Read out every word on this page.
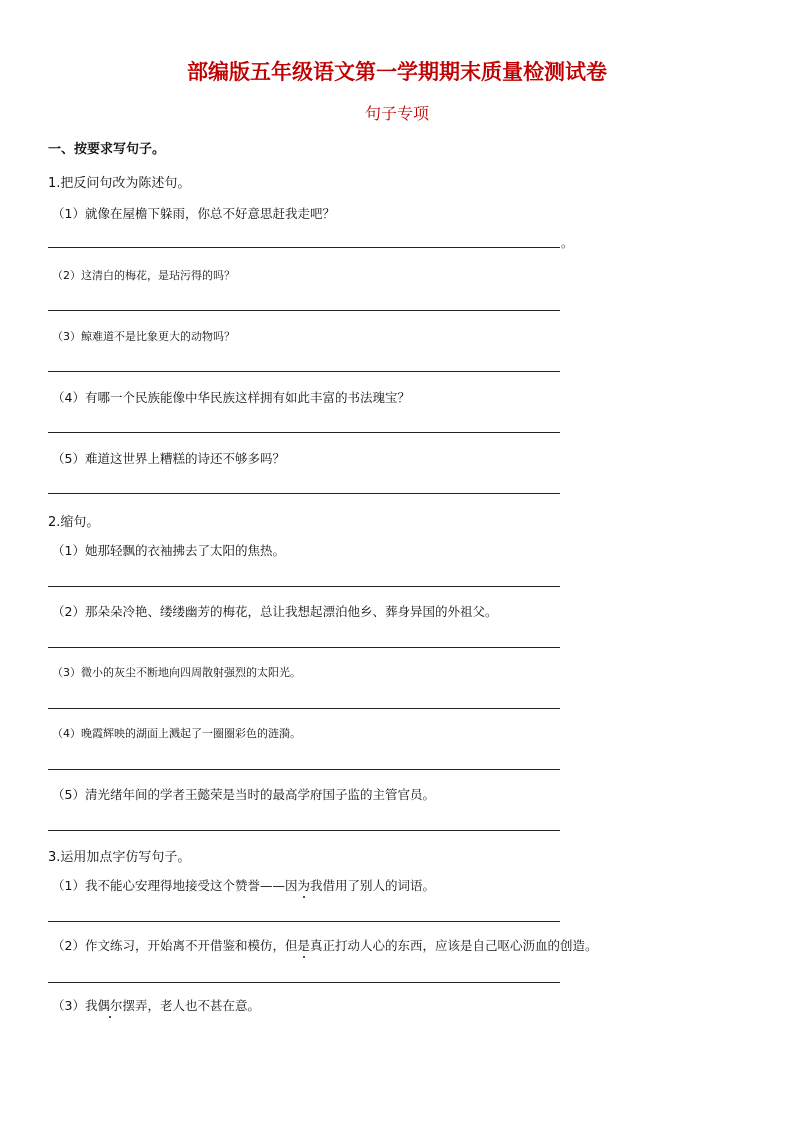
部编版五年级语文第一学期期末质量检测试卷
句子专项
一、按要求写句子。
1.把反问句改为陈述句。
（1）就像在屋檐下躲雨，你总不好意思赶我走吧？
。
（2）这清白的梅花，是玷污得的吗？
（3）鲸难道不是比象更大的动物吗？
（4）有哪一个民族能像中华民族这样拥有如此丰富的书法瑰宝？
（5）难道这世界上糟糕的诗还不够多吗？
2.缩句。
（1）她那轻飘的衣袖拂去了太阳的焦热。
（2）那朵朵冷艳、缕缕幽芳的梅花，总让我想起漂泊他乡、葬身异国的外祖父。
（3）微小的灰尘不断地向四周散射强烈的太阳光。
（4）晚霞辉映的湖面上溅起了一圈圈彩色的涟漪。
（5）清光绪年间的学者王懿荣是当时的最高学府国子监的主管官员。
3.运用加点字仿写句子。
（1）我不能心安理得地接受这个赞誉——因为我借用了别人的词语。
（2）作文练习，开始离不开借鉴和模仿，但是真正打动人心的东西，应该是自己呕心沥血的创造。
（3）我偶尔摆弄，老人也不甚在意。
